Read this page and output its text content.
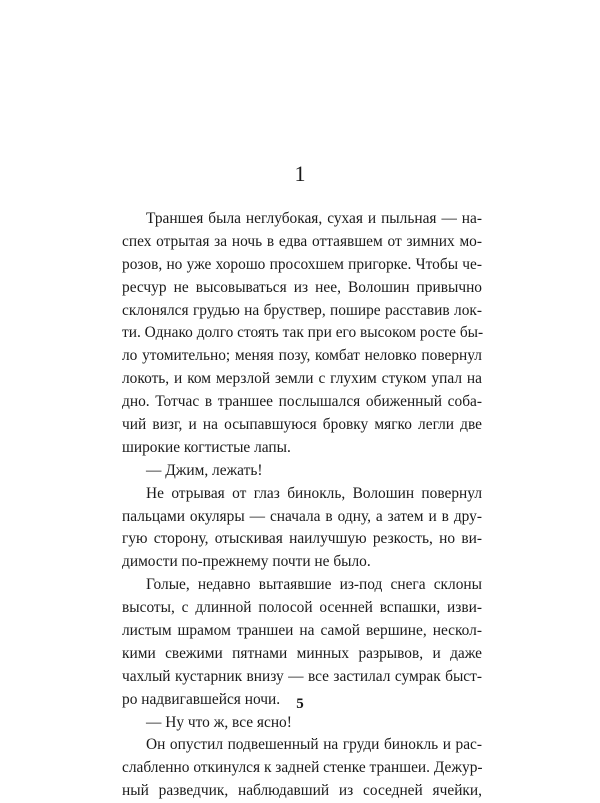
1
Траншея была неглубокая, сухая и пыльная — на-
спех отрытая за ночь в едва оттаявшем от зимних мо-
розов, но уже хорошо просохшем пригорке. Чтобы че-
ресчур не высовываться из нее, Волошин привычно
склонялся грудью на бруствер, пошире расставив лок-
ти. Однако долго стоять так при его высоком росте бы-
ло утомительно; меняя позу, комбат неловко повернул
локоть, и ком мерзлой земли с глухим стуком упал на
дно. Тотчас в траншее послышался обиженный соба-
чий визг, и на осыпавшуюся бровку мягко легли две
широкие когтистые лапы.
— Джим, лежать!
Не отрывая от глаз бинокль, Волошин повернул
пальцами окуляры — сначала в одну, а затем и в дру-
гую сторону, отыскивая наилучшую резкость, но ви-
димости по-прежнему почти не было.
Голые, недавно вытаявшие из-под снега склоны
высоты, с длинной полосой осенней вспашки, изви-
листым шрамом траншеи на самой вершине, нескол-
кими свежими пятнами минных разрывов, и даже
чахлый кустарник внизу — все застилал сумрак быст-
ро надвигавшейся ночи.
— Ну что ж, все ясно!
Он опустил подвешенный на груди бинокль и рас-
слабленно откинулся к задней стенке траншеи. Дежур-
ный разведчик, наблюдавший из соседней ячейки,
5
